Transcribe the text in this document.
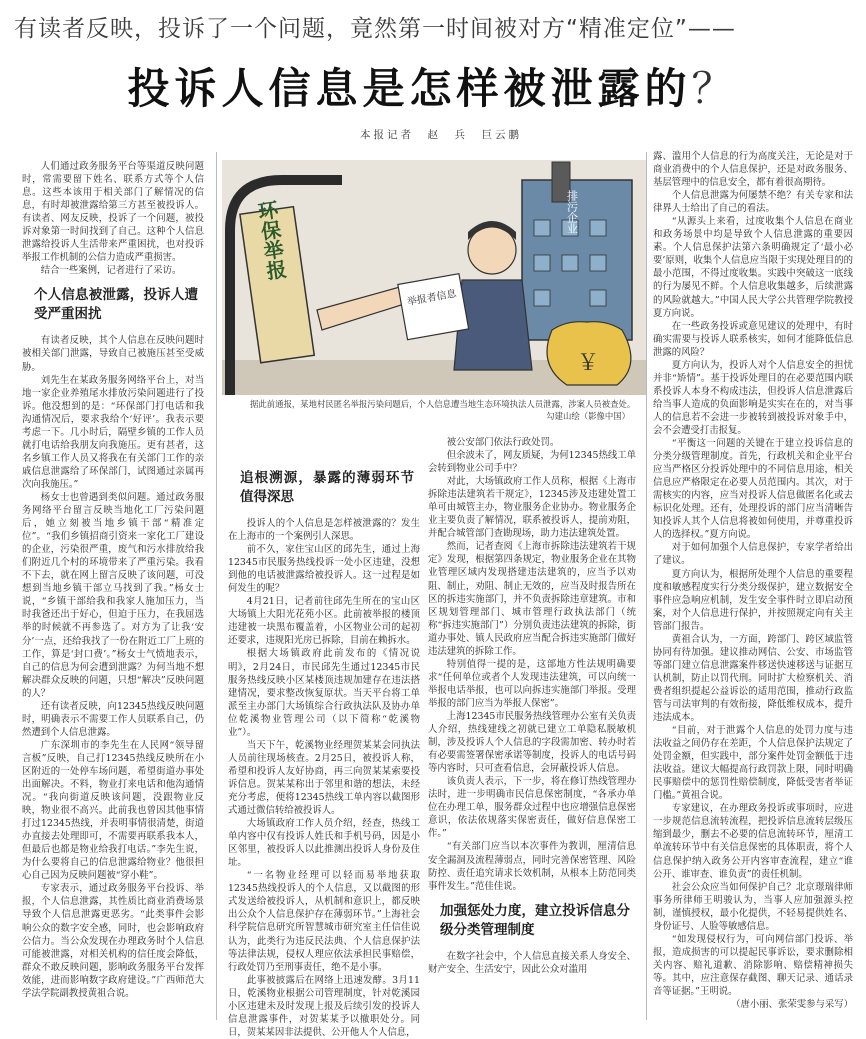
有读者反映，投诉了一个问题，竟然第一时间被对方“精准定位”——
投诉人信息是怎样被泄露的？
本报记者　赵　兵　巨云鹏

人们通过政务服务平台等渠道反映问题时，常需要留下姓名、联系方式等个人信息。这些本该用于相关部门了解情况的信息，有时却被泄露给第三方甚至被投诉人。有读者、网友反映，投诉了一个问题，被投诉对象第一时间找到了自己。这种个人信息泄露给投诉人生活带来严重困扰，也对投诉举报工作机制的公信力造成严重损害。

结合一些案例，记者进行了采访。

个人信息被泄露，投诉人遭受严重困扰

有读者反映，其个人信息在反映问题时被相关部门泄露，导致自己被施压甚至受威胁。

刘先生在某政务服务网络平台上，对当地一家企业养殖尾水排放污染问题进行了投诉。他没想到的是：“环保部门打电话和我沟通情况后，要求我给个‘好评’。我表示要考虑一下。几小时后，隔壁乡镇的工作人员就打电话给我朋友向我施压。更有甚者，这名乡镇工作人员又将我在有关部门工作的亲戚信息泄露给了环保部门，试图通过亲属再次向我施压。”

杨女士也曾遇到类似问题。通过政务服务网络平台留言反映当地化工厂污染问题后，她立刻被当地乡镇干部“精准定位”。“我们乡镇招商引资来一家化工厂建设的企业，污染很严重，废气和污水排放给我们附近几个村的环境带来了严重污染。我看不下去，就在网上留言反映了该问题，可没想到当地乡镇干部立马找到了我。”杨女士说，“乡镇干部给我和我家人施加压力，当时我爸还出于好心，但迫于压力，在我屈选举的时候就不再参选了。对方为了让我‘安分’一点，还给我找了一份在附近工厂上班的工作，算是‘封口费’。”杨女士气愤地表示，自己的信息为何会遭到泄露？为何当地不想解决群众反映的问题，只想“解决”反映问题的人？

还有读者反映，向12345热线反映问题时，明确表示不需要工作人员联系自己，仍然遭到个人信息泄露。

广东深圳市的李先生在人民网“领导留言板”反映，自己打12345热线反映所在小区附近的一处停车场问题，希望街道办事处出面解决。不料，物业打来电话和他沟通情况。“我向街道反映该问题，没跟物业反映，物业很不高兴。此前我也曾因其他事情打过12345热线，并表明事情很清楚，街道办直接去处理即可，不需要再联系我本人，但最后也都是物业给我打电话。”李先生说，为什么要将自己的信息泄露给物业？他很担心自己因为反映问题被“穿小鞋”。

专家表示，通过政务服务平台投诉、举报，个人信息泄露，其性质比商业消费场景导致个人信息泄露更恶劣。“此类事件会影响公众的数字安全感，同时，也会影响政府公信力。当公众发现在办理政务时个人信息可能被泄露，对相关机构的信任度会降低，群众不敢反映问题，影响政务服务平台发挥效能，进而影响数字政府建设。”广西师范大学法学院副教授黄祖合说。

排污企业
环保举报
举报者信息
￥
据此前通报，某地村民匿名举报污染问题后，个人信息遭当地生态环境执法人员泄露，涉案人员被查处。
勾建山绘（影像中国）
追根溯源，暴露的薄弱环节值得深思

投诉人的个人信息是怎样被泄露的？发生在上海市的一个案例引人深思。

前不久，家住宝山区的邱先生，通过上海12345市民服务热线投诉一处小区违建，没想到他的电话被泄露给被投诉人。这一过程是如何发生的呢？

4月21日，记者前往邱先生所在的宝山区大场镇上大阳光花苑小区。此前被举报的楼顶违建被一块黑布覆盖着，小区物业公司的起初还要求，违规阳光房已拆除，目前在赖拆水。

根据大场镇政府此前发布的《情况说明》，2月24日，市民邱先生通过12345市民服务热线反映小区某楼顶违规加建存在违法搭建情况，要求整改恢复原状。当天平台将工单派至主办部门大场镇综合行政执法队及协办单位乾溪物业管理公司（以下简称“乾溪物业”）。

当天下午，乾溪物业经理贺某某会同执法人员前往现场核查。2月25日，被投诉人称，希望和投诉人友好协商，再三向贺某某索要投诉信息。贺某某称出于邻里和谐的想法，未经充分考虑，便将12345热线工单内容以截图形式通过微信转给被投诉人。

大场镇政府工作人员介绍，经查，热线工单内容中仅有投诉人姓氏和手机号码，因是小区邻里，被投诉人以此推测出投诉人身份及住址。

“一名物业经理可以轻而易举地获取12345热线投诉人的个人信息，又以截图的形式发送给被投诉人，从机制和意识上，都反映出公众个人信息保护存在薄弱环节。”上海社会科学院信息研究所智慧城市研究室主任信佳说认为，此类行为违反民法典、个人信息保护法等法律法规，侵权人理应依法承担民事赔偿，行政处罚乃至刑事责任，绝不是小事。

此事被披露后在网络上迅速发酵。3月11日，乾溪物业根据公司管理制度，针对乾溪园小区违建未及时发现上报及后续引发的投诉人信息泄露事件，对贺某某予以撤职处分。同日，贺某某因非法提供、公开他人个人信息，

被公安部门依法行政处罚。

但余波未了，网友质疑，为何12345热线工单会转到物业公司手中？

对此，大场镇政府工作人员称，根据《上海市拆除违法建筑若干规定》，12345涉及违建处置工单可由城管主办，物业服务企业协办。物业服务企业主要负责了解情况，联系被投诉人，提前劝阻，并配合城管部门查勘现场，助力违法建筑处置。

然而，记者查阅《上海市拆除违法建筑若干规定》发现，根据第四条规定，物业服务企业在其物业管理区域内发现搭建违法建筑的，应当予以劝阻、制止，劝阻、制止无效的，应当及时报告所在区的拆违实施部门，并不负责拆除违章建筑。市和区规划管理部门、城市管理行政执法部门（统称“拆违实施部门”）分别负责违法建筑的拆除，街道办事处、镇人民政府应当配合拆违实施部门做好违法建筑的拆除工作。

特别值得一提的是，这部地方性法规明确要求“任何单位或者个人发现违法建筑，可以向统一举报电话举报，也可以向拆违实施部门举报。受理举报的部门应当为举报人保密”。

上海12345市民服务热线管理办公室有关负责人介绍，热线建线之初就已建立工单隐私脱敏机制，涉及投诉人个人信息的字段需加密、转办时若有必要需签署保密承诺等制度，投诉人的电话号码等内容时，只可查看信息，会屏蔽投诉人信息。

该负责人表示，下一步，将在修订热线管理办法时，进一步明确市民信息保密制度，“各承办单位在办理工单，服务群众过程中也应增强信息保密意识，依法依规落实保密责任，做好信息保密工作。”

“有关部门应当以本次事件为教训，厘清信息安全漏洞及流程薄弱点，同时完善保密管理、风险防控、责任追究请求长效机制，从根本上防范同类事件发生。”范佳佳说。

加强惩处力度，建立投诉信息分级分类管理制度

在数字社会中，个人信息直接关系人身安全、财产安全、生活安宁，因此公众对滥用

露、滥用个人信息的行为高度关注，无论是对于商业消费中的个人信息保护，还是对政务服务、基层管理中的信息安全，都有着很高期待。

个人信息泄露为何屡禁不绝？有关专家和法律界人士给出了自己的看法。

“从源头上来看，过度收集个人信息在商业和政务场景中均是导致个人信息泄露的重要因素。个人信息保护法第六条明确规定了‘最小必要’原则，收集个人信息应当限于实现处理目的的最小范围，不得过度收集。实践中突破这一底线的行为屡见不鲜。个人信息收集越多，后续泄露的风险就越大。”中国人民大学公共管理学院教授夏方向说。

在一些政务投诉或意见建议的处理中，有时确实需要与投诉人联系核实，如何才能降低信息泄露的风险？

夏方向认为，投诉人对个人信息安全的担忧并非“矫情”。基于投诉处理目的在必要范围内联系投诉人本身不构成违法，但投诉人信息泄露后给当事人造成的负面影响是实实在在的，对当事人的信息若不会进一步被转到被投诉对象手中，会不会遭受打击报复。

“平衡这一问题的关键在于建立投诉信息的分类分级管理制度。首先，行政机关和企业平台应当严格区分投诉处理中的不同信息用途，相关信息应严格限定在必要人员范围内。其次，对于需核实的内容，应当对投诉人信息做匿名化或去标识化处理。还有，处理投诉的部门应当清晰告知投诉人其个人信息将被如何使用，并尊重投诉人的选择权。”夏方向说。

对于如何加强个人信息保护，专家学者给出了建议。

夏方向认为，根据所处理个人信息的重要程度和敏感程度实行分类分级保护，建立数据安全事件应急响应机制，发生安全事件时立即启动预案，对个人信息进行保护，并按照规定向有关主管部门报告。

黄祖合认为，一方面，跨部门、跨区域监管协同有待加强。建议推动网信、公安、市场监管等部门建立信息泄露案件移送快速移送与证据互认机制，防止以罚代刑。同时扩大检察机关、消费者组织提起公益诉讼的适用范围，推动行政监管与司法审判的有效衔接，降低维权成本，提升违法成本。

“目前，对于泄露个人信息的处罚力度与违法收益之间仍存在差距，个人信息保护法规定了处罚金额，但实践中，部分案件处罚金额低于违法收益。建议大幅提高行政罚款上限，同时明确民事赔偿中的惩罚性赔偿制度，降低受害者举证门槛。”黄祖合说。

专家建议，在办理政务投诉或事项时，应进一步规范信息流转流程，把投诉信息流转层级压缩到最少，删去不必要的信息流转环节，厘清工单流转环节中有关信息保密的具体职责，将个人信息保护纳入政务公开内容审查流程，建立“谁公开、谁审查、谁负责”的责任机制。

社会公众应当如何保护自己？北京璟瑞律师事务所律师王明骏认为，当事人应加强源头控制，谨慎授权，最小化提供，不轻易提供姓名、身份证号、人脸等敏感信息。

“如发现侵权行为，可向网信部门投诉、举报，造成损害的可以提起民事诉讼，要求删除相关内容、赔礼道歉、消除影响、赔偿精神损失等。其中，应注意保存截图、聊天记录、通话录音等证据。”王明说。

（唐小丽、张荣雯参与采写）
